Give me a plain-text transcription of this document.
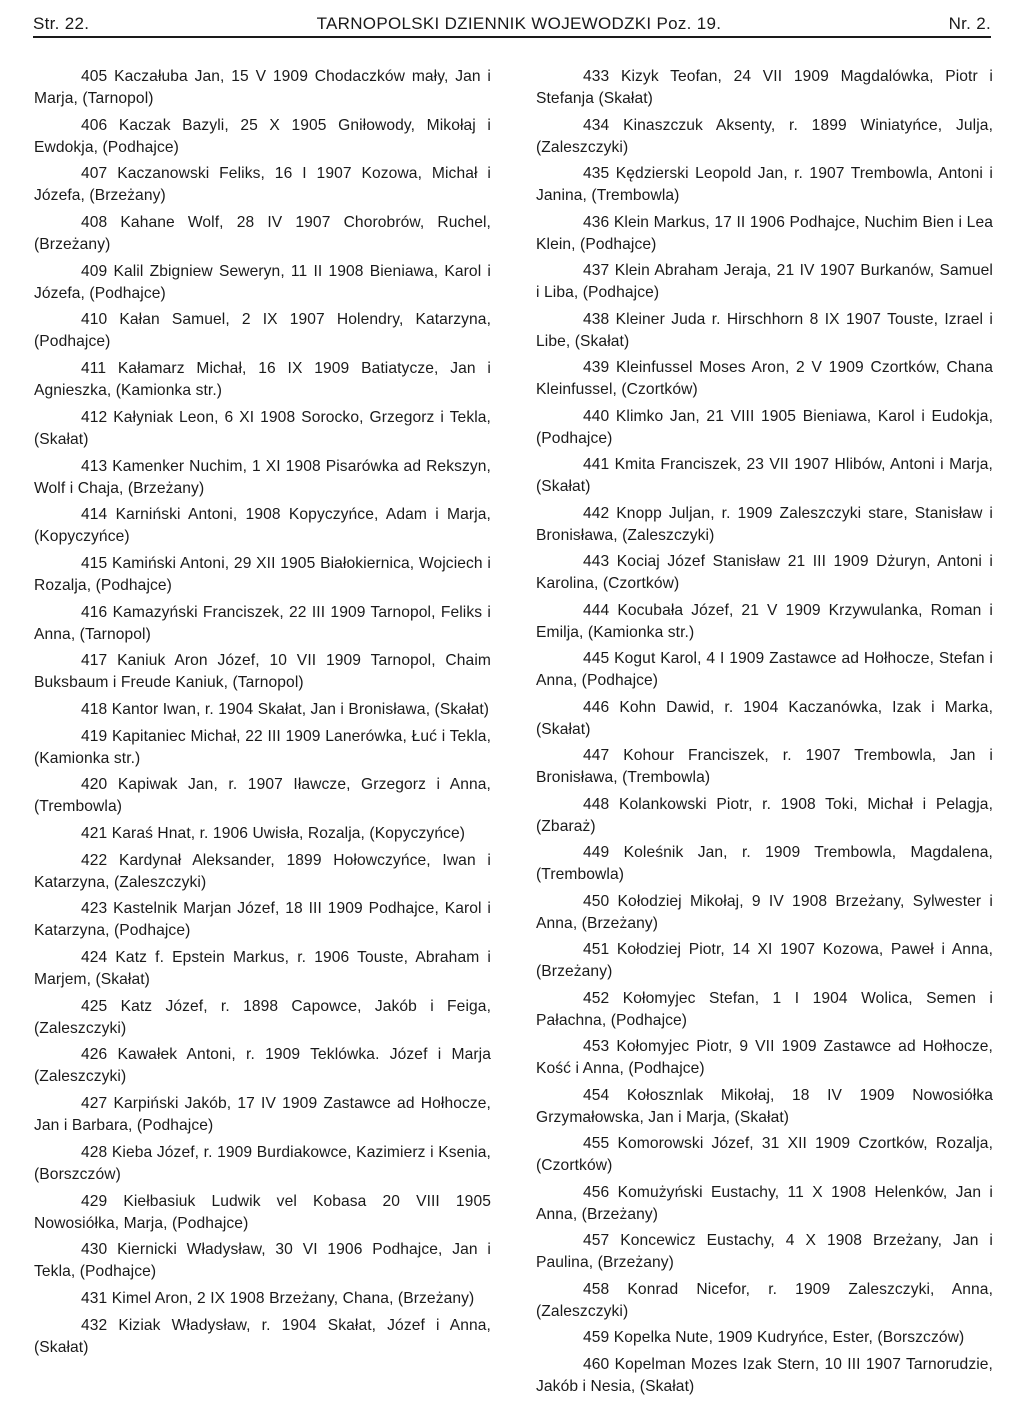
Str. 22.	TARNOPOLSKI DZIENNIK WOJEWODZKI Poz. 19.	Nr. 2.

405 Kaczałuba Jan, 15 V 1909 Chodaczków mały, Jan i Marja, (Tarnopol)

406 Kaczak Bazyli, 25 X 1905 Gniłowody, Mikołaj i Ewdokja, (Podhajce)

407 Kaczanowski Feliks, 16 I 1907 Kozowa, Michał i Józefa, (Brzeżany)

408 Kahane Wolf, 28 IV 1907 Chorobrów, Ruchel, (Brzeżany)

409 Kalil Zbigniew Seweryn, 11 II 1908 Bieniawa, Karol i Józefa, (Podhajce)

410 Kałan Samuel, 2 IX 1907 Holendry, Katarzyna, (Podhajce)

411 Kałamarz Michał, 16 IX 1909 Batiatycze, Jan i Agnieszka, (Kamionka str.)

412 Kałyniak Leon, 6 XI 1908 Sorocko, Grzegorz i Tekla, (Skałat)

413 Kamenker Nuchim, 1 XI 1908 Pisarówka ad Rekszyn, Wolf i Chaja, (Brzeżany)

414 Karniński Antoni, 1908 Kopyczyńce, Adam i Marja, (Kopyczyńce)

415 Kamiński Antoni, 29 XII 1905 Białokiernica, Wojciech i Rozalja, (Podhajce)

416 Kamazyński Franciszek, 22 III 1909 Tarnopol, Feliks i Anna, (Tarnopol)

417 Kaniuk Aron Józef, 10 VII 1909 Tarnopol, Chaim Buksbaum i Freude Kaniuk, (Tarnopol)

418 Kantor Iwan, r. 1904 Skałat, Jan i Bronisława, (Skałat)

419 Kapitaniec Michał, 22 III 1909 Lanerówka, Łuć i Tekla, (Kamionka str.)

420 Kapiwak Jan, r. 1907 Iławcze, Grzegorz i Anna, (Trembowla)

421 Karaś Hnat, r. 1906 Uwisła, Rozalja, (Kopyczyńce)

422 Kardynał Aleksander, 1899 Hołowczyńce, Iwan i Katarzyna, (Zaleszczyki)

423 Kastelnik Marjan Józef, 18 III 1909 Podhajce, Karol i Katarzyna, (Podhajce)

424 Katz f. Epstein Markus, r. 1906 Touste, Abraham i Marjem, (Skałat)

425 Katz Józef, r. 1898 Capowce, Jakób i Feiga, (Zaleszczyki)

426 Kawałek Antoni, r. 1909 Teklówka. Józef i Marja (Zaleszczyki)

427 Karpiński Jakób, 17 IV 1909 Zastawce ad Hołhocze, Jan i Barbara, (Podhajce)

428 Kieba Józef, r. 1909 Burdiakowce, Kazimierz i Ksenia, (Borszczów)

429 Kiełbasiuk Ludwik vel Kobasa 20 VIII 1905 Nowosiółka, Marja, (Podhajce)

430 Kiernicki Władysław, 30 VI 1906 Podhajce, Jan i Tekla, (Podhajce)

431 Kimel Aron, 2 IX 1908 Brzeżany, Chana, (Brzeżany)

432 Kiziak Władysław, r. 1904 Skałat, Józef i Anna, (Skałat)

433 Kizyk Teofan, 24 VII 1909 Magdalówka, Piotr i Stefanja (Skałat)

434 Kinaszczuk Aksenty, r. 1899 Winiatyńce, Julja, (Zaleszczyki)

435 Kędzierski Leopold Jan, r. 1907 Trembowla, Antoni i Janina, (Trembowla)

436 Klein Markus, 17 II 1906 Podhajce, Nuchim Bien i Lea Klein, (Podhajce)

437 Klein Abraham Jeraja, 21 IV 1907 Burkanów, Samuel i Liba, (Podhajce)

438 Kleiner Juda r. Hirschhorn 8 IX 1907 Touste, Izrael i Libe, (Skałat)

439 Kleinfussel Moses Aron, 2 V 1909 Czortków, Chana Kleinfussel, (Czortków)

440 Klimko Jan, 21 VIII 1905 Bieniawa, Karol i Eudokja, (Podhajce)

441 Kmita Franciszek, 23 VII 1907 Hlibów, Antoni i Marja, (Skałat)

442 Knopp Juljan, r. 1909 Zaleszczyki stare, Stanisław i Bronisława, (Zaleszczyki)

443 Kociaj Józef Stanisław 21 III 1909 Dżuryn, Antoni i Karolina, (Czortków)

444 Kocubała Józef, 21 V 1909 Krzywulanka, Roman i Emilja, (Kamionka str.)

445 Kogut Karol, 4 I 1909 Zastawce ad Hołhocze, Stefan i Anna, (Podhajce)

446 Kohn Dawid, r. 1904 Kaczanówka, Izak i Marka, (Skałat)

447 Kohour Franciszek, r. 1907 Trembowla, Jan i Bronisława, (Trembowla)

448 Kolankowski Piotr, r. 1908 Toki, Michał i Pelagja, (Zbaraż)

449 Koleśnik Jan, r. 1909 Trembowla, Magdalena, (Trembowla)

450 Kołodziej Mikołaj, 9 IV 1908 Brzeżany, Sylwester i Anna, (Brzeżany)

451 Kołodziej Piotr, 14 XI 1907 Kozowa, Paweł i Anna, (Brzeżany)

452 Kołomyjec Stefan, 1 I 1904 Wolica, Semen i Pałachna, (Podhajce)

453 Kołomyjec Piotr, 9 VII 1909 Zastawce ad Hołhocze, Kość i Anna, (Podhajce)

454 Kołosznlak Mikołaj, 18 IV 1909 Nowosiółka Grzymałowska, Jan i Marja, (Skałat)

455 Komorowski Józef, 31 XII 1909 Czortków, Rozalja, (Czortków)

456 Komużyński Eustachy, 11 X 1908 Helenków, Jan i Anna, (Brzeżany)

457 Koncewicz Eustachy, 4 X 1908 Brzeżany, Jan i Paulina, (Brzeżany)

458 Konrad Nicefor, r. 1909 Zaleszczyki, Anna, (Zaleszczyki)

459 Kopelka Nute, 1909 Kudryńce, Ester, (Borszczów)

460 Kopelman Mozes Izak Stern, 10 III 1907 Tarnorudzie, Jakób i Nesia, (Skałat)
